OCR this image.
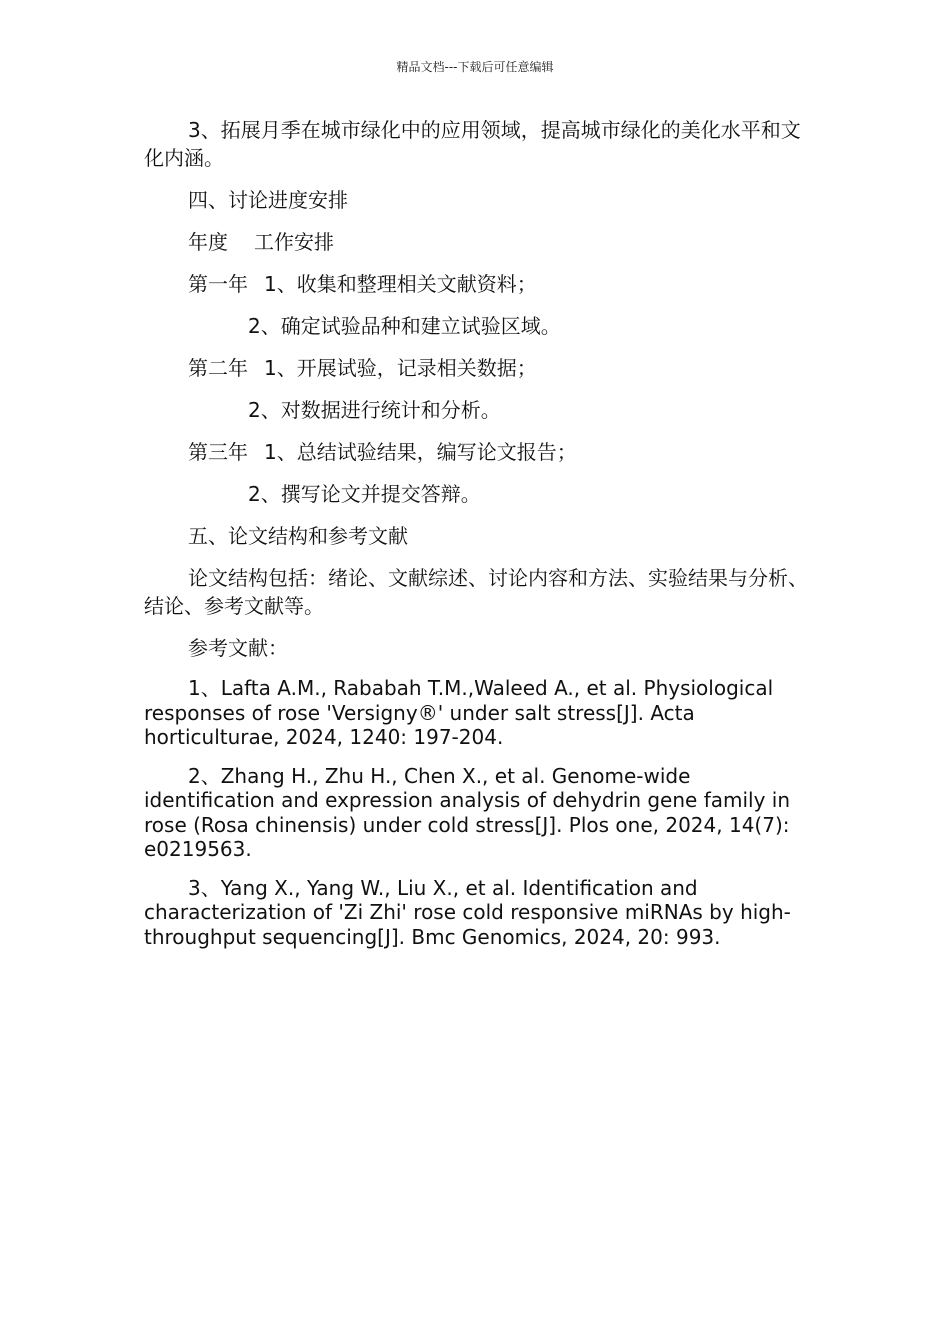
精品文档---下载后可任意编辑

3、拓展月季在城市绿化中的应用领域，提高城市绿化的美化水平和文化内涵。

四、讨论进度安排

年度 工作安排
第一年 1、收集和整理相关文献资料；
2、确定试验品种和建立试验区域。
第二年 1、开展试验，记录相关数据；
2、对数据进行统计和分析。
第三年 1、总结试验结果，编写论文报告；
2、撰写论文并提交答辩。

五、论文结构和参考文献

论文结构包括：绪论、文献综述、讨论内容和方法、实验结果与分析、结论、参考文献等。

参考文献：

1、Lafta A.M., Rababah T.M.,Waleed A., et al. Physiological responses of rose 'Versigny®' under salt stress[J]. Acta horticulturae, 2024, 1240: 197-204.

2、Zhang H., Zhu H., Chen X., et al. Genome-wide identification and expression analysis of dehydrin gene family in rose (Rosa chinensis) under cold stress[J]. Plos one, 2024, 14(7): e0219563.

3、Yang X., Yang W., Liu X., et al. Identification and characterization of 'Zi Zhi' rose cold responsive miRNAs by high-throughput sequencing[J]. Bmc Genomics, 2024, 20: 993.
